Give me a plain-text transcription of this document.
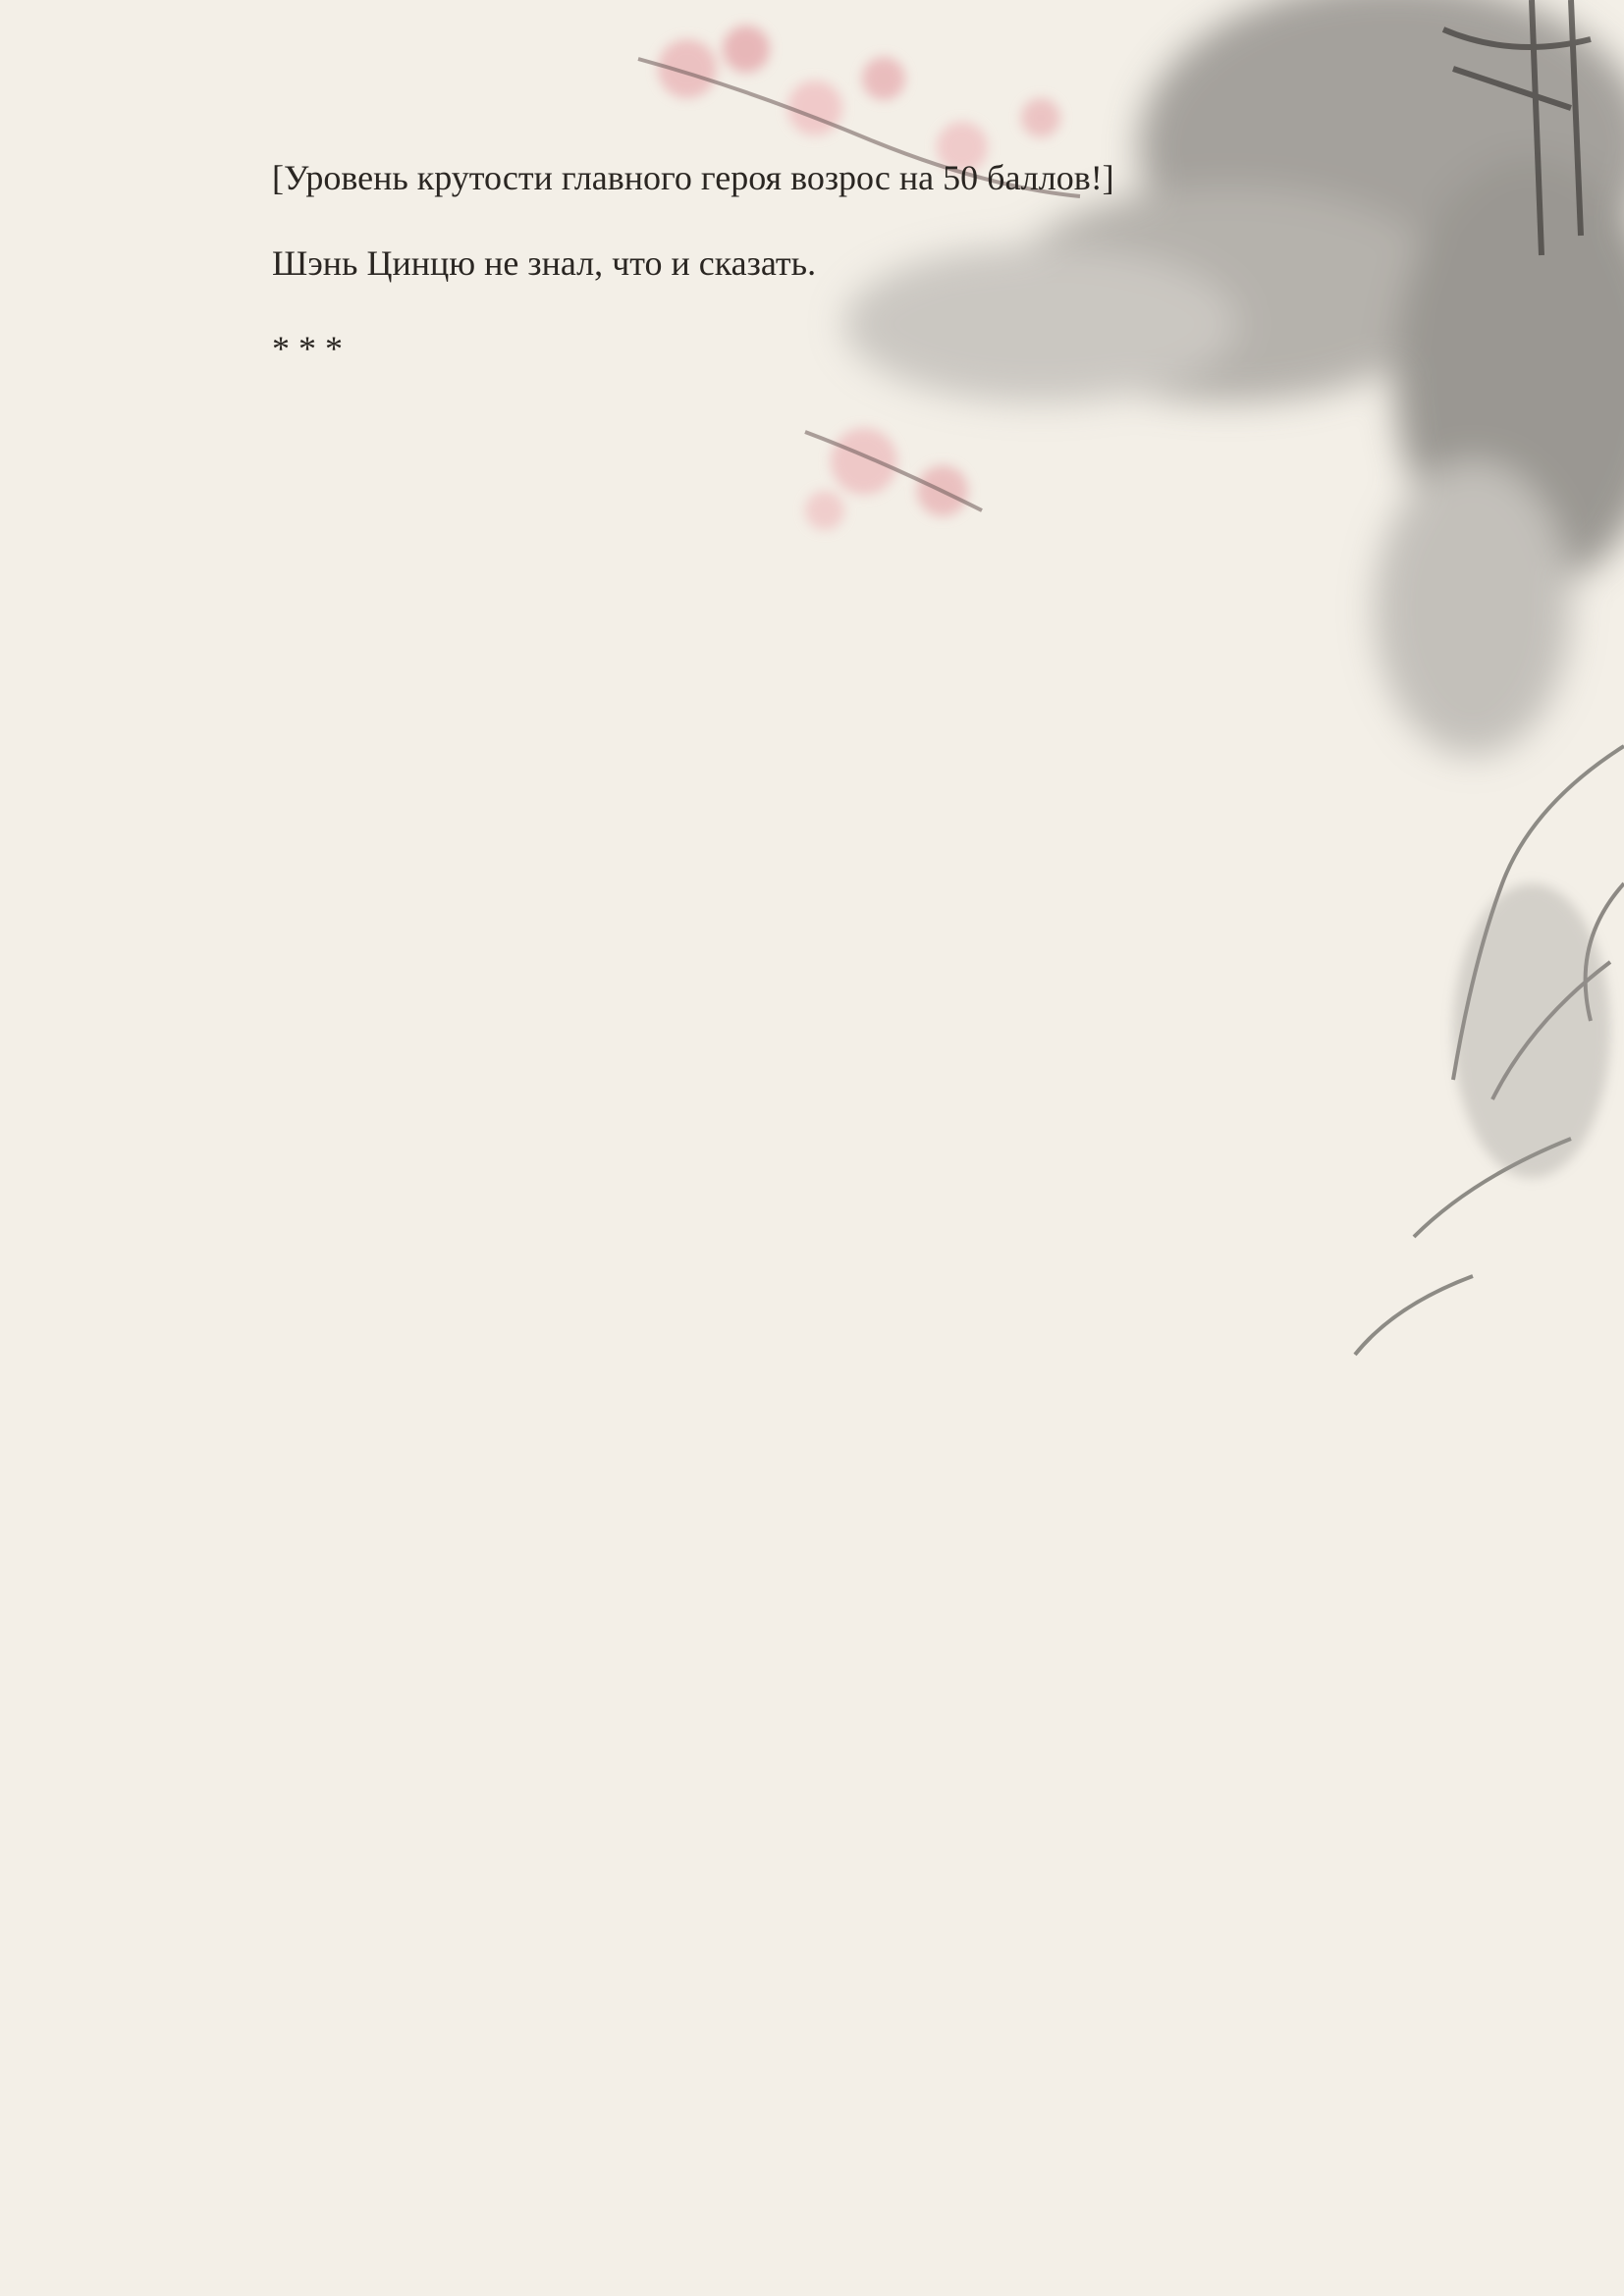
[Уровень крутости главного героя возрос на 50 баллов!]

Шэнь Цинцю не знал, что и сказать.

* * *
